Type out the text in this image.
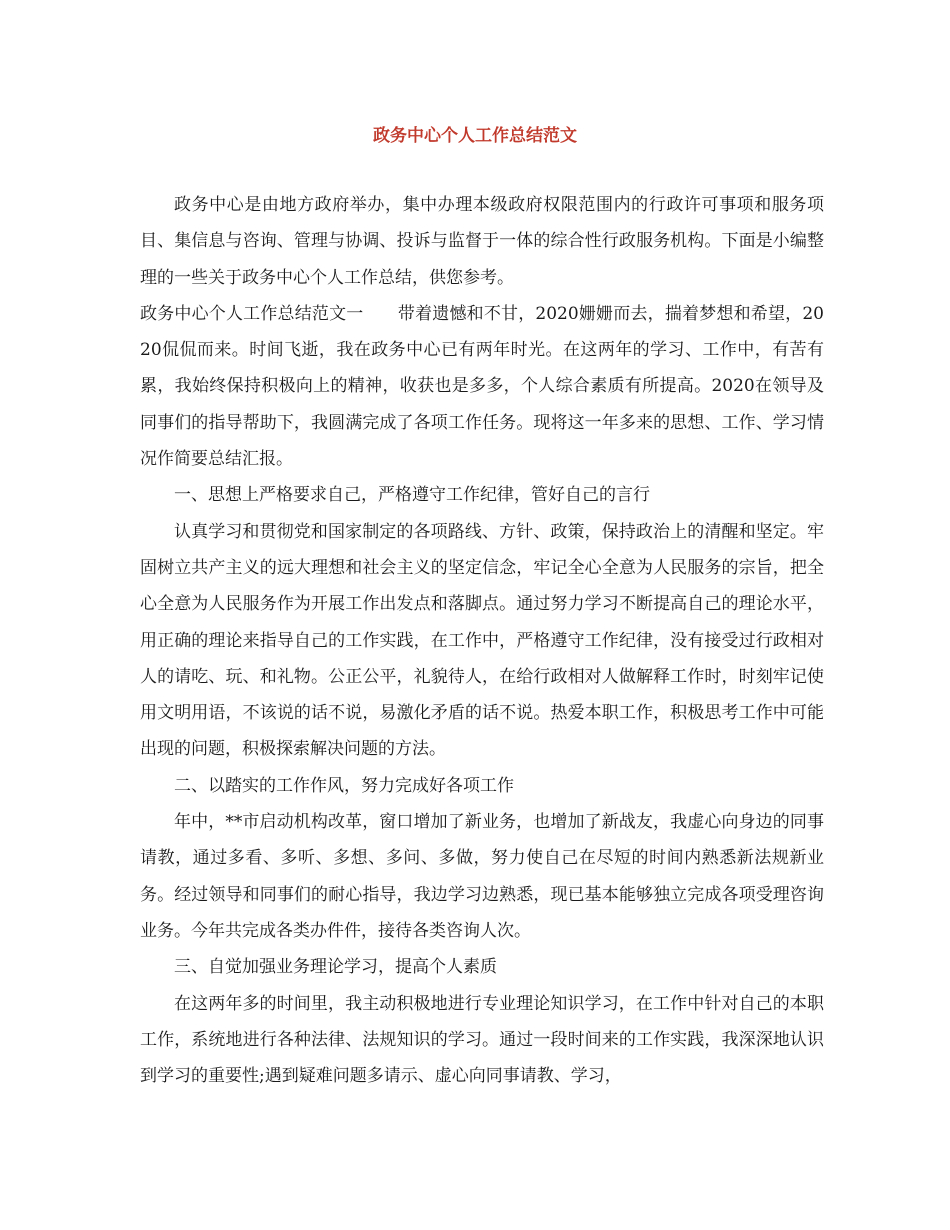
政务中心个人工作总结范文

政务中心是由地方政府举办，集中办理本级政府权限范围内的行政许可事项和服务项目、集信息与咨询、管理与协调、投诉与监督于一体的综合性行政服务机构。下面是小编整理的一些关于政务中心个人工作总结，供您参考。

政务中心个人工作总结范文一　　带着遗憾和不甘，2020姗姗而去，揣着梦想和希望，2020侃侃而来。时间飞逝，我在政务中心已有两年时光。在这两年的学习、工作中，有苦有累，我始终保持积极向上的精神，收获也是多多，个人综合素质有所提高。2020在领导及同事们的指导帮助下，我圆满完成了各项工作任务。现将这一年多来的思想、工作、学习情况作简要总结汇报。

一、思想上严格要求自己，严格遵守工作纪律，管好自己的言行

认真学习和贯彻党和国家制定的各项路线、方针、政策，保持政治上的清醒和坚定。牢固树立共产主义的远大理想和社会主义的坚定信念，牢记全心全意为人民服务的宗旨，把全心全意为人民服务作为开展工作出发点和落脚点。通过努力学习不断提高自己的理论水平，用正确的理论来指导自己的工作实践，在工作中，严格遵守工作纪律，没有接受过行政相对人的请吃、玩、和礼物。公正公平，礼貌待人，在给行政相对人做解释工作时，时刻牢记使用文明用语，不该说的话不说，易激化矛盾的话不说。热爱本职工作，积极思考工作中可能出现的问题，积极探索解决问题的方法。

二、以踏实的工作作风，努力完成好各项工作

年中，**市启动机构改革，窗口增加了新业务，也增加了新战友，我虚心向身边的同事请教，通过多看、多听、多想、多问、多做，努力使自己在尽短的时间内熟悉新法规新业务。经过领导和同事们的耐心指导，我边学习边熟悉，现已基本能够独立完成各项受理咨询业务。今年共完成各类办件件，接待各类咨询人次。

三、自觉加强业务理论学习，提高个人素质

在这两年多的时间里，我主动积极地进行专业理论知识学习，在工作中针对自己的本职工作，系统地进行各种法律、法规知识的学习。通过一段时间来的工作实践，我深深地认识到学习的重要性;遇到疑难问题多请示、虚心向同事请教、学习，
